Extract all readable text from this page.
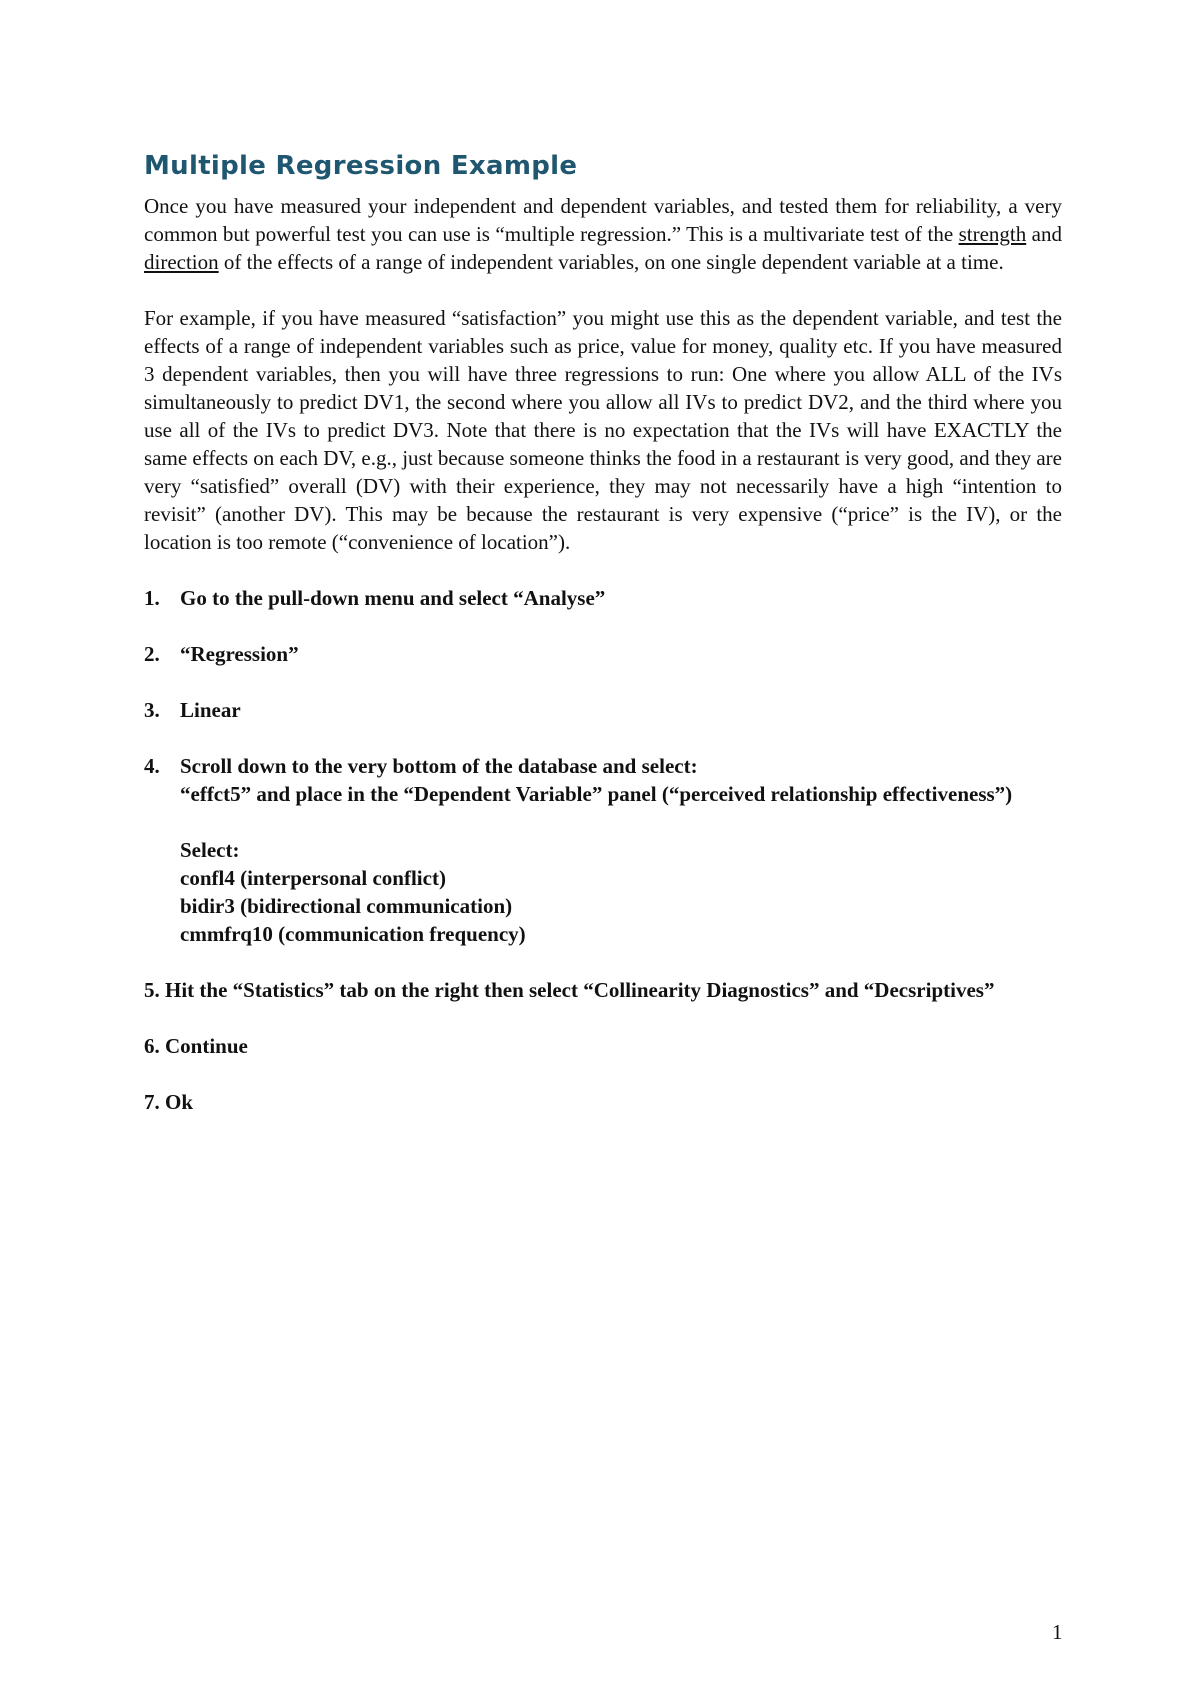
Multiple Regression Example

Once you have measured your independent and dependent variables, and tested them for reliability, a very common but powerful test you can use is “multiple regression.” This is a multivariate test of the strength and direction of the effects of a range of independent variables, on one single dependent variable at a time.

For example, if you have measured “satisfaction” you might use this as the dependent variable, and test the effects of a range of independent variables such as price, value for money, quality etc. If you have measured 3 dependent variables, then you will have three regressions to run: One where you allow ALL of the IVs simultaneously to predict DV1, the second where you allow all IVs to predict DV2, and the third where you use all of the IVs to predict DV3. Note that there is no expectation that the IVs will have EXACTLY the same effects on each DV, e.g., just because someone thinks the food in a restaurant is very good, and they are very “satisfied” overall (DV) with their experience, they may not necessarily have a high “intention to revisit” (another DV). This may be because the restaurant is very expensive (“price” is the IV), or the location is too remote (“convenience of location”).

1. Go to the pull-down menu and select “Analyse”
2. “Regression”
3. Linear
4. Scroll down to the very bottom of the database and select:
“effct5” and place in the “Dependent Variable” panel (“perceived relationship effectiveness”)
Select:
confl4 (interpersonal conflict)
bidir3 (bidirectional communication)
cmmfrq10 (communication frequency)
5. Hit the “Statistics” tab on the right then select “Collinearity Diagnostics” and “Decsriptives”
6. Continue
7. Ok
1
